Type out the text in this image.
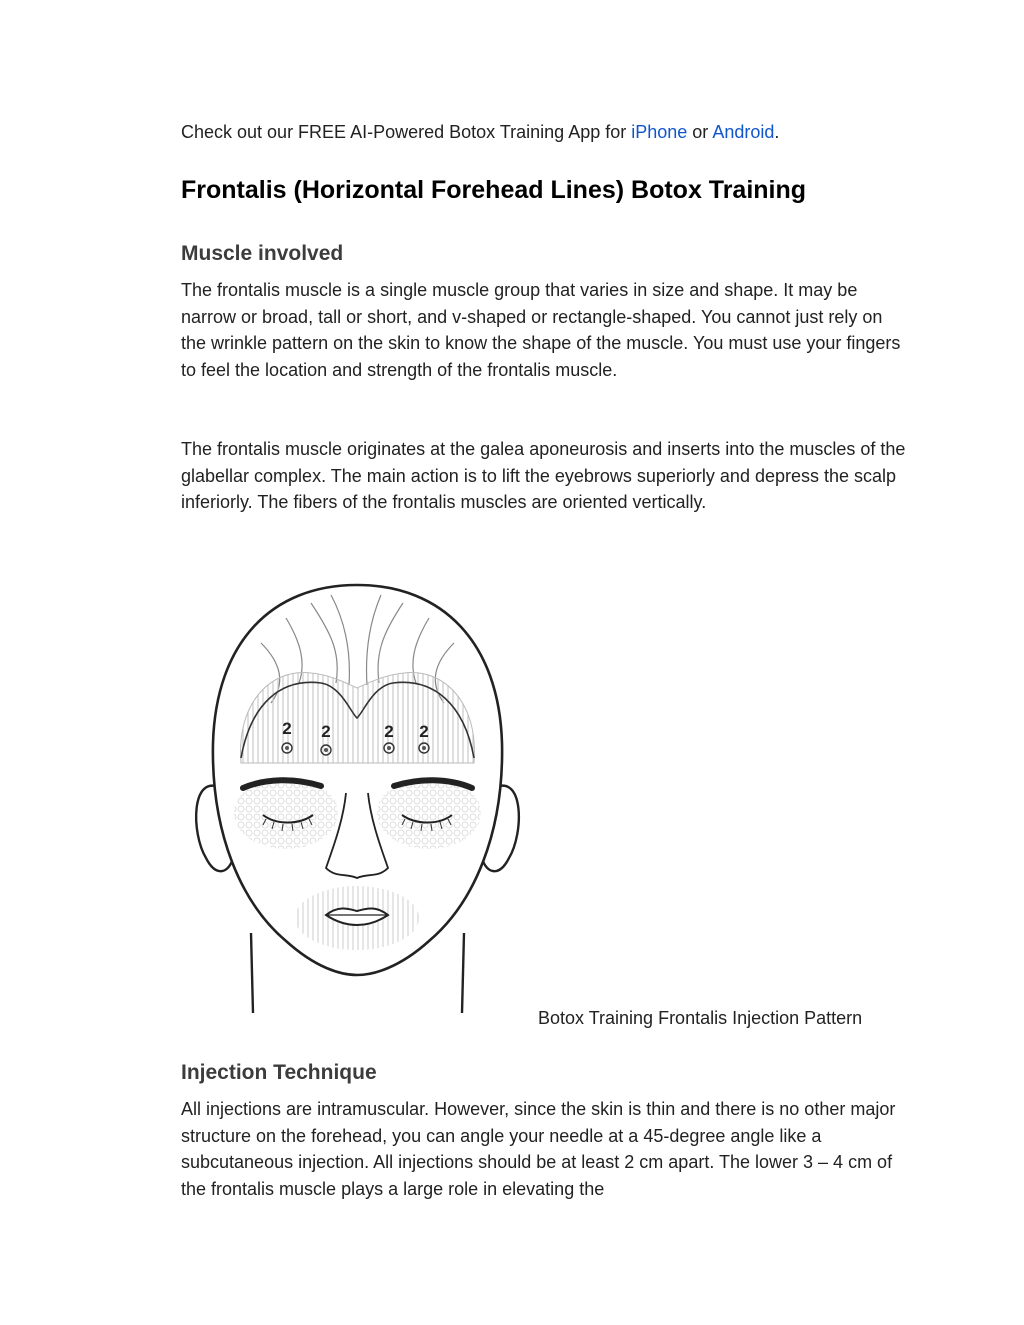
Check out our FREE AI-Powered Botox Training App for iPhone or Android.
Frontalis (Horizontal Forehead Lines) Botox Training
Muscle involved

The frontalis muscle is a single muscle group that varies in size and shape. It may be narrow or broad, tall or short, and v-shaped or rectangle-shaped. You cannot just rely on the wrinkle pattern on the skin to know the shape of the muscle. You must use your fingers to feel the location and strength of the frontalis muscle.

The frontalis muscle originates at the galea aponeurosis and inserts into the muscles of the glabellar complex. The main action is to lift the eyebrows superiorly and depress the scalp inferiorly. The fibers of the frontalis muscles are oriented vertically.

2 2	2 2
Botox Training Frontalis Injection Pattern
Injection Technique

All injections are intramuscular. However, since the skin is thin and there is no other major structure on the forehead, you can angle your needle at a 45-degree angle like a subcutaneous injection. All injections should be at least 2 cm apart. The lower 3 – 4 cm of the frontalis muscle plays a large role in elevating the
